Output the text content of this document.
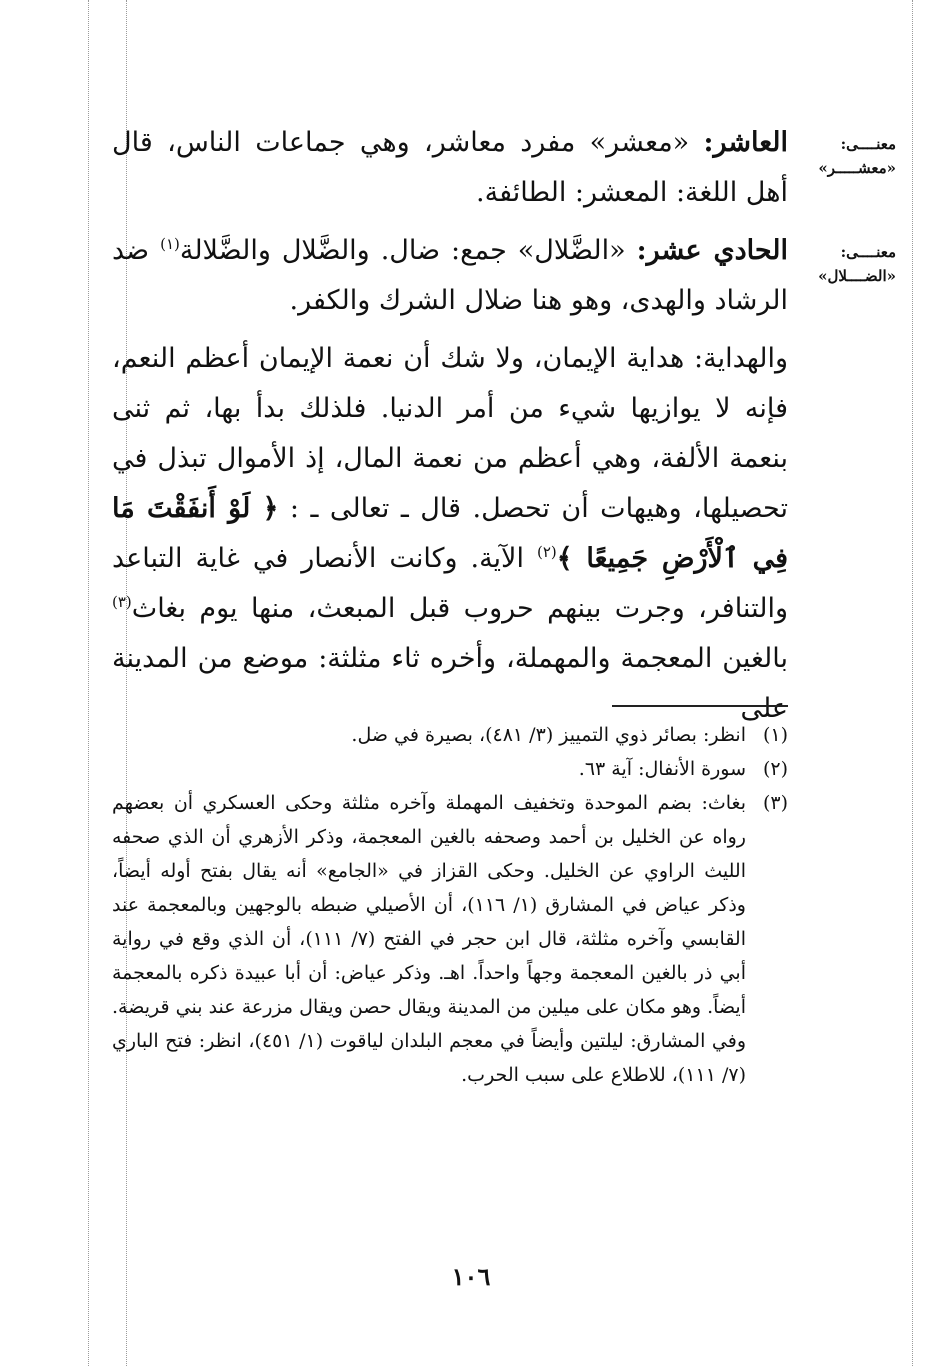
معنــــى:
«معشـــــر»
معنــــى:
«الضــــلال»

العاشر: «معشر» مفرد معاشر، وهي جماعات الناس، قال أهل اللغة: المعشر: الطائفة.

الحادي عشر: «الضَّلال» جمع: ضال. والضَّلال والضَّلالة$^{(١)}$ ضد الرشاد والهدى، وهو هنا ضلال الشرك والكفر.

والهداية: هداية الإيمان، ولا شك أن نعمة الإيمان أعظم النعم، فإنه لا يوازيها شيء من أمر الدنيا. فلذلك بدأ بها، ثم ثنى بنعمة الألفة، وهي أعظم من نعمة المال، إذ الأموال تبذل في تحصيلها، وهيهات أن تحصل. قال ـ تعالى ـ : ﴿ لَوْ أَنفَقْتَ مَا فِي ٱلْأَرْضِ جَمِيعًا ﴾$^{(٢)}$ الآية. وكانت الأنصار في غاية التباعد والتنافر، وجرت بينهم حروب قبل المبعث، منها يوم بغاث$^{(٣)}$ بالغين المعجمة والمهملة، وأخره ثاء مثلثة: موضع من المدينة على

(١)
انظر: بصائر ذوي التمييز (٣/ ٤٨١)، بصيرة في ضل.
(٢)
سورة الأنفال: آية ٦٣.
(٣)
بغاث: بضم الموحدة وتخفيف المهملة وآخره مثلثة وحكى العسكري أن بعضهم رواه عن الخليل بن أحمد وصحفه بالغين المعجمة، وذكر الأزهري أن الذي صحفه الليث الراوي عن الخليل. وحكى القزاز في «الجامع» أنه يقال بفتح أوله أيضاً، وذكر عياض في المشارق (١/ ١١٦)، أن الأصيلي ضبطه بالوجهين وبالمعجمة عند القابسي وآخره مثلثة، قال ابن حجر في الفتح (٧/ ١١١)، أن الذي وقع في رواية أبي ذر بالغين المعجمة وجهاً واحداً. اهـ. وذكر عياض: أن أبا عبيدة ذكره بالمعجمة أيضاً. وهو مكان على ميلين من المدينة ويقال حصن ويقال مزرعة عند بني قريضة. وفي المشارق: ليلتين وأيضاً في معجم البلدان لياقوت (١/ ٤٥١)، انظر: فتح الباري (٧/ ١١١)، للاطلاع على سبب الحرب.
١٠٦
